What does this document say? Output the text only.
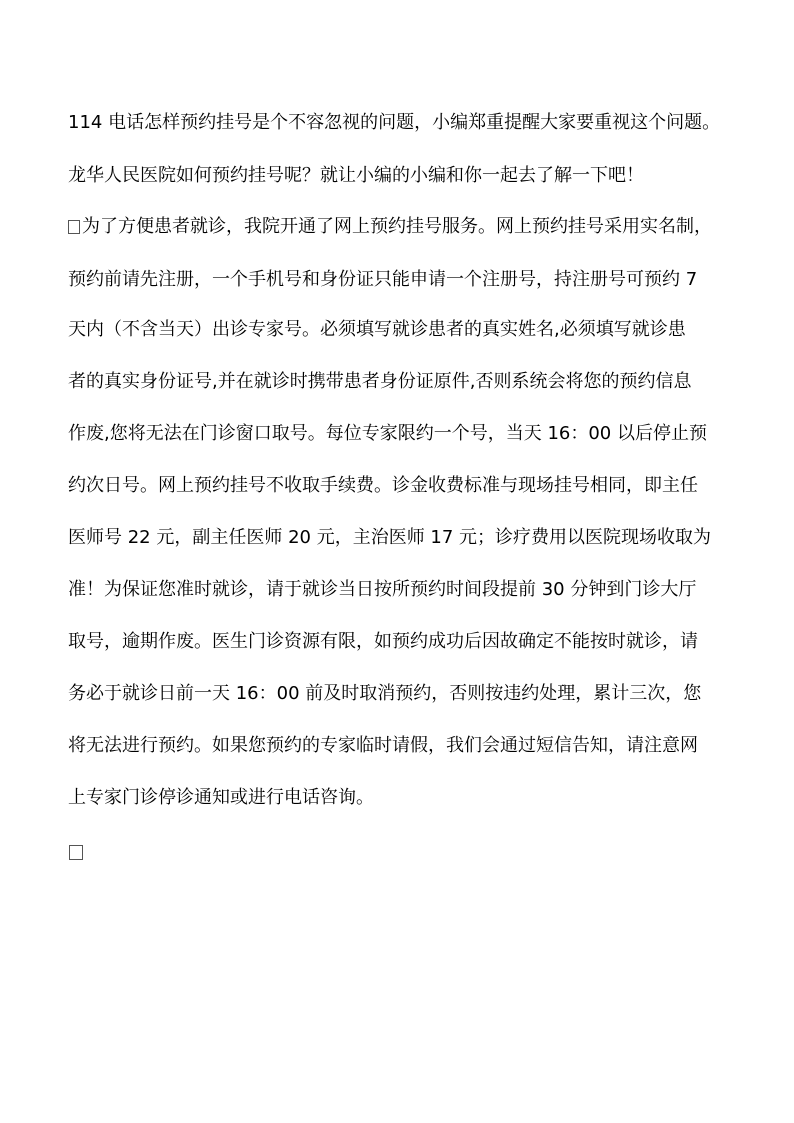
114 电话怎样预约挂号是个不容忽视的问题，小编郑重提醒大家要重视这个问题。
龙华人民医院如何预约挂号呢？就让小编的小编和你一起去了解一下吧！
为了方便患者就诊，我院开通了网上预约挂号服务。网上预约挂号采用实名制，
预约前请先注册，一个手机号和身份证只能申请一个注册号，持注册号可预约 7
天内（不含当天）出诊专家号。必须填写就诊患者的真实姓名,必须填写就诊患
者的真实身份证号,并在就诊时携带患者身份证原件,否则系统会将您的预约信息
作废,您将无法在门诊窗口取号。每位专家限约一个号，当天 16：00 以后停止预
约次日号。网上预约挂号不收取手续费。诊金收费标准与现场挂号相同，即主任
医师号 22 元，副主任医师 20 元，主治医师 17 元；诊疗费用以医院现场收取为
准！为保证您准时就诊，请于就诊当日按所预约时间段提前 30 分钟到门诊大厅
取号，逾期作废。医生门诊资源有限，如预约成功后因故确定不能按时就诊，请
务必于就诊日前一天 16：00 前及时取消预约，否则按违约处理，累计三次，您
将无法进行预约。如果您预约的专家临时请假，我们会通过短信告知，请注意网
上专家门诊停诊通知或进行电话咨询。
